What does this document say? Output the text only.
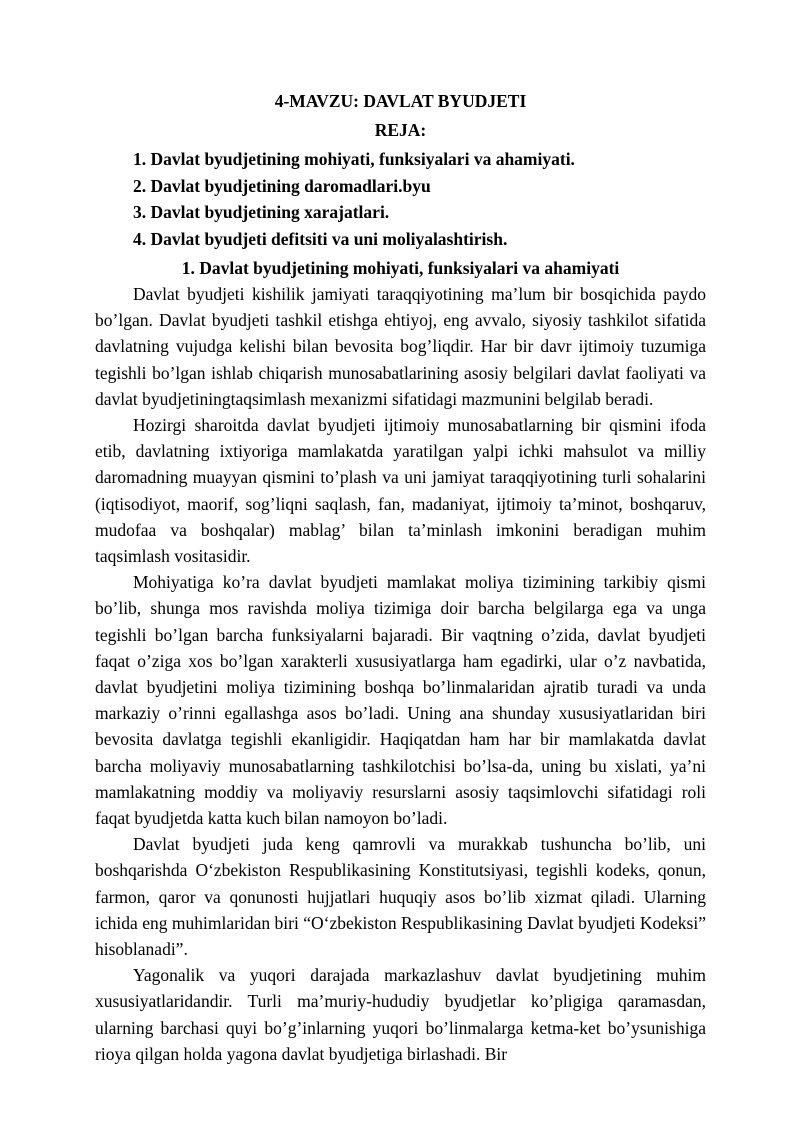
4-MAVZU: DAVLAT BYUDJETI
REJA:
1. Davlat byudjetining mohiyati, funksiyalari va ahamiyati.
2. Davlat byudjetining daromadlari.byu
3. Davlat byudjetining xarajatlari.
4. Davlat byudjeti defitsiti va uni moliyalashtirish.
1. Davlat byudjetining mohiyati, funksiyalari va ahamiyati

Davlat byudjeti kishilik jamiyati taraqqiyotining ma’lum bir bosqichida paydo bo’lgan. Davlat byudjeti tashkil etishga ehtiyoj, eng avvalo, siyosiy tashkilot sifatida davlatning vujudga kelishi bilan bevosita bog’liqdir. Har bir davr ijtimoiy tuzumiga tegishli bo’lgan ishlab chiqarish munosabatlarining asosiy belgilari davlat faoliyati va davlat byudjetiningtaqsimlash mexanizmi sifatidagi mazmunini belgilab beradi.

Hozirgi sharoitda davlat byudjeti ijtimoiy munosabatlarning bir qismini ifoda etib, davlatning ixtiyoriga mamlakatda yaratilgan yalpi ichki mahsulot va milliy daromadning muayyan qismini to’plash va uni jamiyat taraqqiyotining turli sohalarini (iqtisodiyot, maorif, sog’liqni saqlash, fan, madaniyat, ijtimoiy ta’minot, boshqaruv, mudofaa va boshqalar) mablag’ bilan ta’minlash imkonini beradigan muhim taqsimlash vositasidir.

Mohiyatiga ko’ra davlat byudjeti mamlakat moliya tizimining tarkibiy qismi bo’lib, shunga mos ravishda moliya tizimiga doir barcha belgilarga ega va unga tegishli bo’lgan barcha funksiyalarni bajaradi. Bir vaqtning o’zida, davlat byudjeti faqat o’ziga xos bo’lgan xarakterli xususiyatlarga ham egadirki, ular o’z navbatida, davlat byudjetini moliya tizimining boshqa bo’linmalaridan ajratib turadi va unda markaziy o’rinni egallashga asos bo’ladi. Uning ana shunday xususiyatlaridan biri bevosita davlatga tegishli ekanligidir. Haqiqatdan ham har bir mamlakatda davlat barcha moliyaviy munosabatlarning tashkilotchisi bo’lsa-da, uning bu xislati, ya’ni mamlakatning moddiy va moliyaviy resurslarni asosiy taqsimlovchi sifatidagi roli faqat byudjetda katta kuch bilan namoyon bo’ladi.

Davlat byudjeti juda keng qamrovli va murakkab tushuncha bo’lib, uni boshqarishda O‘zbekiston Respublikasining Konstitutsiyasi, tegishli kodeks, qonun, farmon, qaror va qonunosti hujjatlari huquqiy asos bo’lib xizmat qiladi. Ularning ichida eng muhimlaridan biri “O‘zbekiston Respublikasining Davlat byudjeti Kodeksi” hisoblanadi”.

Yagonalik va yuqori darajada markazlashuv davlat byudjetining muhim xususiyatlaridandir. Turli ma’muriy-hududiy byudjetlar ko’pligiga qaramasdan, ularning barchasi quyi bo’g’inlarning yuqori bo’linmalarga ketma-ket bo’ysunishiga rioya qilgan holda yagona davlat byudjetiga birlashadi. Bir
